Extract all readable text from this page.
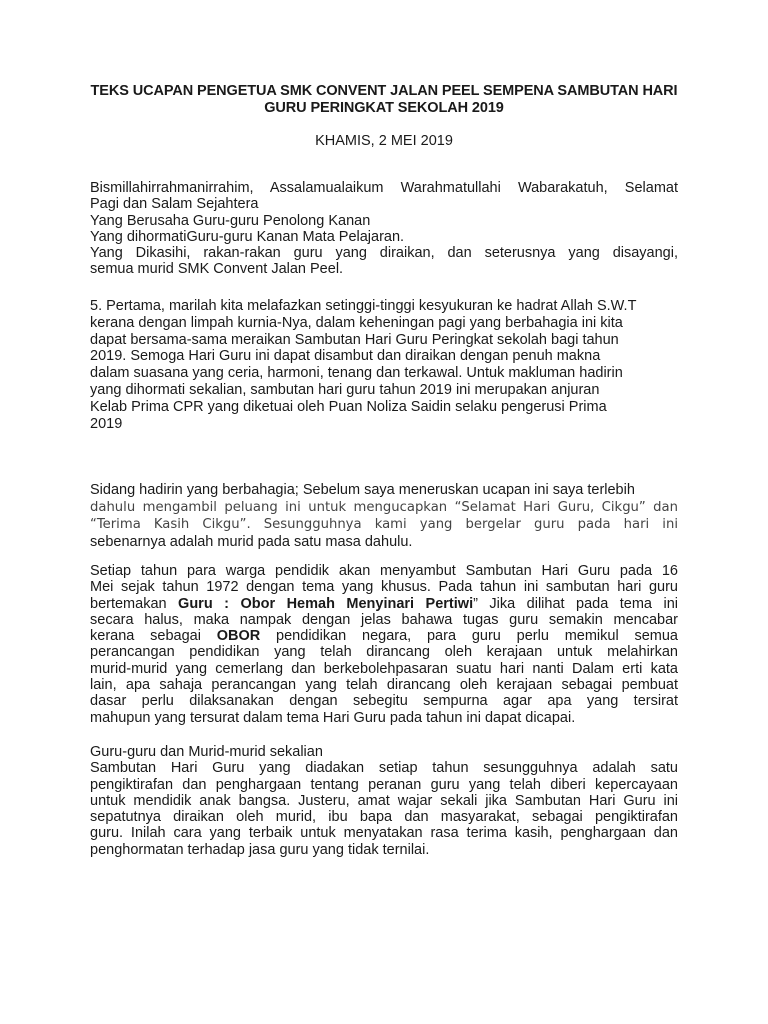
TEKS UCAPAN PENGETUA SMK CONVENT JALAN PEEL SEMPENA SAMBUTAN HARI GURU PERINGKAT SEKOLAH 2019
KHAMIS, 2 MEI 2019
Bismillahirrahmanirrahim, Assalamualaikum Warahmatullahi Wabarakatuh, Selamat
Pagi dan Salam Sejahtera
Yang Berusaha Guru-guru Penolong Kanan
Yang dihormatiGuru-guru Kanan Mata Pelajaran.
Yang Dikasihi, rakan-rakan guru yang diraikan, dan seterusnya yang disayangi,
semua murid SMK Convent Jalan Peel.
5. Pertama, marilah kita melafazkan setinggi-tinggi kesyukuran ke hadrat Allah S.W.T
kerana dengan limpah kurnia-Nya, dalam keheningan pagi yang berbahagia ini kita
dapat bersama-sama meraikan Sambutan Hari Guru Peringkat sekolah bagi tahun
2019. Semoga Hari Guru ini dapat disambut dan diraikan dengan penuh makna
dalam suasana yang ceria, harmoni, tenang dan terkawal. Untuk makluman hadirin
yang dihormati sekalian, sambutan hari guru tahun 2019 ini merupakan anjuran
Kelab Prima CPR yang diketuai oleh Puan Noliza Saidin selaku pengerusi Prima
2019
Sidang hadirin yang berbahagia; Sebelum saya meneruskan ucapan ini saya terlebih
dahulu mengambil peluang ini untuk mengucapkan “Selamat Hari Guru, Cikgu” dan
“Terima Kasih Cikgu”. Sesungguhnya kami yang bergelar guru pada hari ini
sebenarnya adalah murid pada satu masa dahulu.
Setiap tahun para warga pendidik akan menyambut Sambutan Hari Guru pada 16
Mei sejak tahun 1972 dengan tema yang khusus. Pada tahun ini sambutan hari guru
bertemakan Guru : Obor Hemah Menyinari Pertiwi” Jika dilihat pada tema ini
secara halus, maka nampak dengan jelas bahawa tugas guru semakin mencabar
kerana sebagai OBOR pendidikan negara, para guru perlu memikul semua
perancangan pendidikan yang telah dirancang oleh kerajaan untuk melahirkan
murid-murid yang cemerlang dan berkebolehpasaran suatu hari nanti Dalam erti kata
lain, apa sahaja perancangan yang telah dirancang oleh kerajaan sebagai pembuat
dasar perlu dilaksanakan dengan sebegitu sempurna agar apa yang tersirat
mahupun yang tersurat dalam tema Hari Guru pada tahun ini dapat dicapai.
Guru-guru dan Murid-murid sekalian
Sambutan Hari Guru yang diadakan setiap tahun sesungguhnya adalah satu
pengiktirafan dan penghargaan tentang peranan guru yang telah diberi kepercayaan
untuk mendidik anak bangsa. Justeru, amat wajar sekali jika Sambutan Hari Guru ini
sepatutnya diraikan oleh murid, ibu bapa dan masyarakat, sebagai pengiktirafan
guru. Inilah cara yang terbaik untuk menyatakan rasa terima kasih, penghargaan dan
penghormatan terhadap jasa guru yang tidak ternilai.
